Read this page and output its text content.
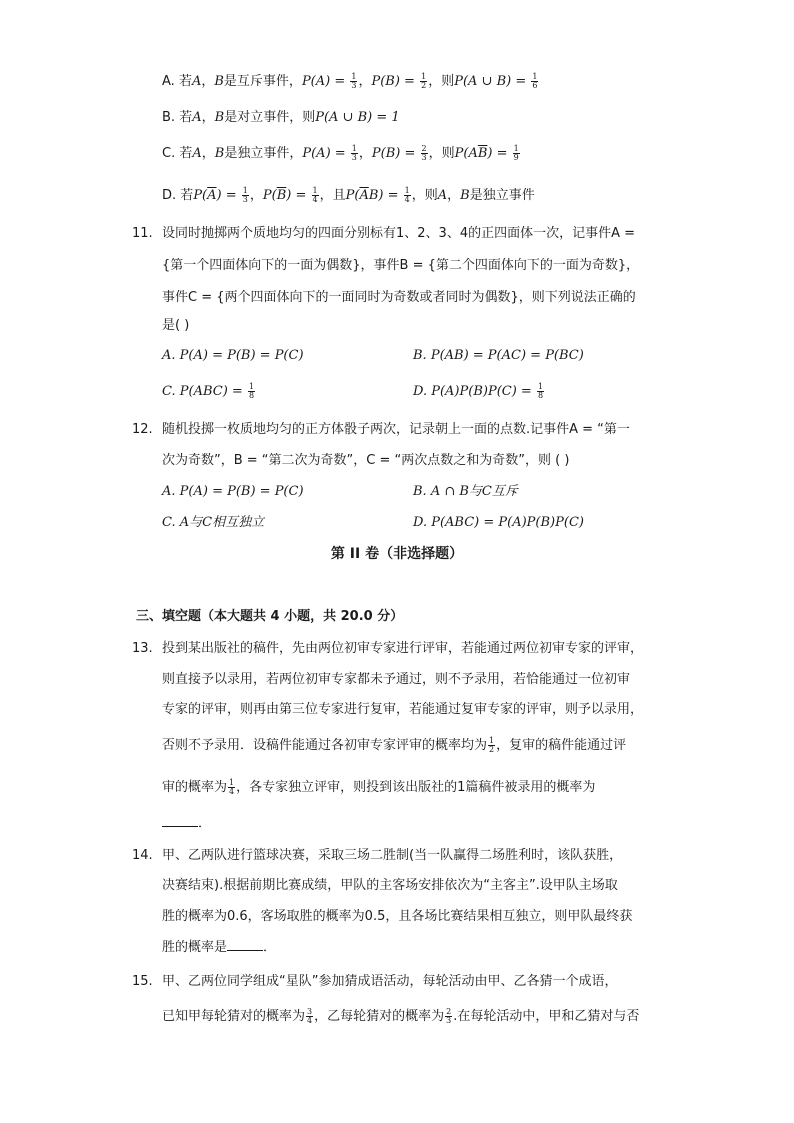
A. 若A，B是互斥事件，$P(A) = \frac{1}{3}$ ，$P(B) = \frac{1}{2}$ ，则P(A ∪ $B) = \frac{1}{6}$
B. 若A，B是对立事件，则P(A ∪ B) = 1
C. 若A，B是独立事件，$P(A) = \frac{1}{3}$ ，$P(B) = \frac{2}{3}$ ，则$P(A\overline{B}) = \frac{1}{9}$
D. 若$P(\overline{A}) = \frac{1}{3}$ ，$P(\overline{B}) = \frac{1}{4}$ ，且$P(\overline{A}B) = \frac{1}{4}$ ，则A，B是独立事件
11. 设同时抛掷两个质地均匀的四面分别标有1、2、3、4的正四面体一次，记事件A =
{第一个四面体向下的一面为偶数}，事件B = {第二个四面体向下的一面为奇数}，
事件C = {两个四面体向下的一面同时为奇数或者同时为偶数}，则下列说法正确的
是( )
A. P(A) = P(B) = P(C)	B. P(AB) = P(AC) = P(BC)
C. $P(ABC) = \frac{1}{8}$	D. $P(A)P(B)P(C) = \frac{1}{8}$
12. 随机投掷一枚质地均匀的正方体骰子两次，记录朝上一面的点数.记事件A = “第一
次为奇数”，B = “第二次为奇数”，C = “两次点数之和为奇数”，则 ( )
A. P(A) = P(B) = P(C)	B. A ∩ B与C互斥
C. A与C相互独立	D. P(ABC) = P(A)P(B)P(C)
第 II 卷（非选择题）
三、填空题（本大题共 4 小题，共 20.0 分）
13. 投到某出版社的稿件，先由两位初审专家进行评审，若能通过两位初审专家的评审，
则直接予以录用，若两位初审专家都未予通过，则不予录用，若恰能通过一位初审
专家的评审，则再由第三位专家进行复审，若能通过复审专家的评审，则予以录用，
否则不予录用．设稿件能通过各初审专家评审的概率均为 $\frac{1}{2}$ ，复审的稿件能通过评
审的概率为 $\frac{1}{4}$ ，各专家独立评审，则投到该出版社的1篇稿件被录用的概率为
．
14. 甲、乙两队进行篮球决赛，采取三场二胜制(当一队赢得二场胜利时，该队获胜，
决赛结束).根据前期比赛成绩，甲队的主客场安排依次为“主客主”.设甲队主场取
胜的概率为0.6，客场取胜的概率为0.5，且各场比赛结果相互独立，则甲队最终获
胜的概率是	．
15. 甲、乙两位同学组成“星队”参加猜成语活动，每轮活动由甲、乙各猜一个成语，
已知甲每轮猜对的概率为 $\frac{3}{4}$ ，乙每轮猜对的概率为 $\frac{2}{3}$ .在每轮活动中，甲和乙猜对与否
